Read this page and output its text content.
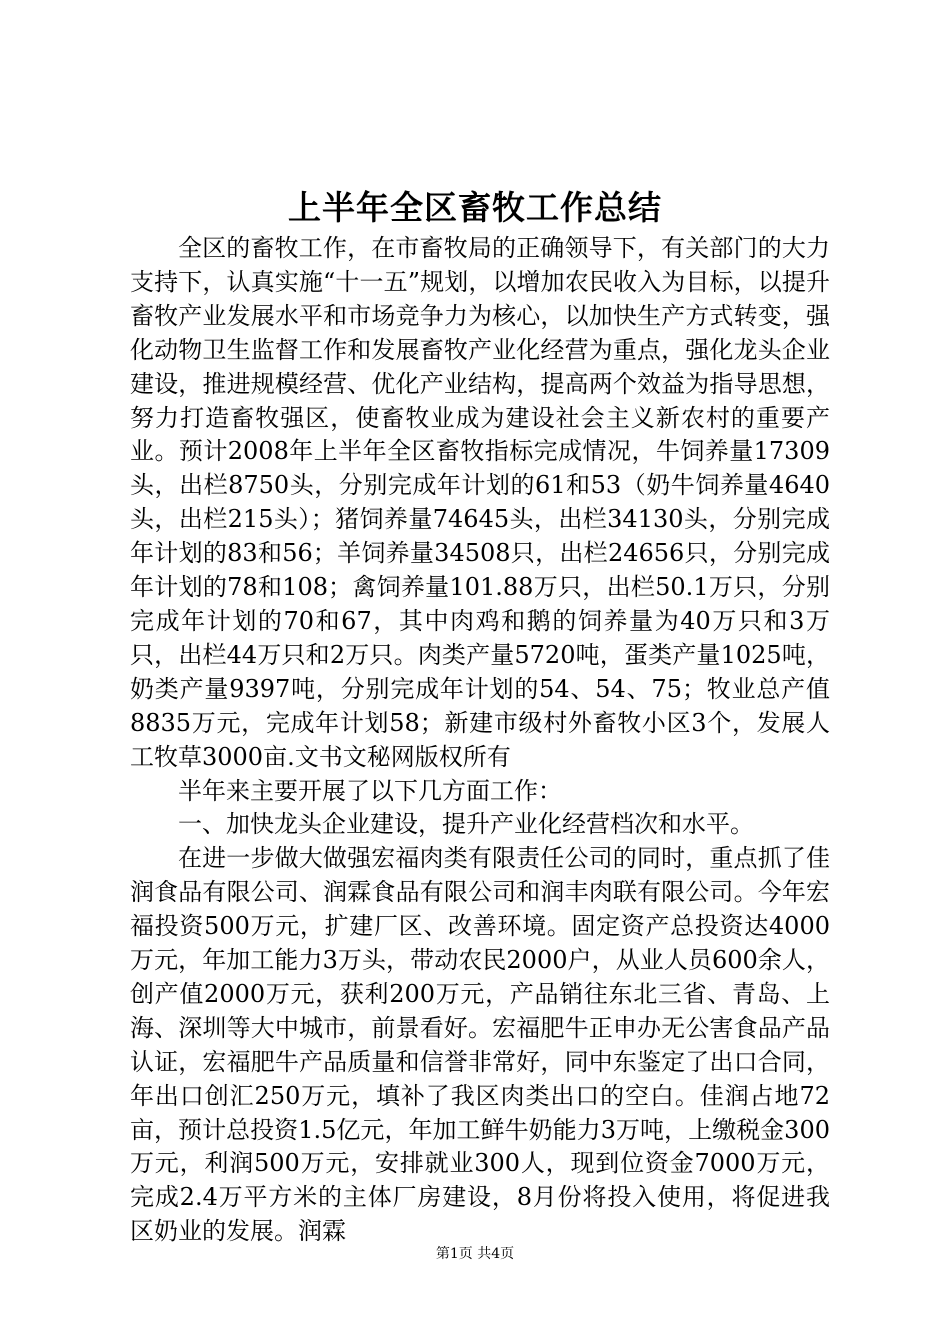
上半年全区畜牧工作总结

全区的畜牧工作，在市畜牧局的正确领导下，有关部门的大力支持下，认真实施“十一五”规划，以增加农民收入为目标，以提升畜牧产业发展水平和市场竞争力为核心，以加快生产方式转变，强化动物卫生监督工作和发展畜牧产业化经营为重点，强化龙头企业建设，推进规模经营、优化产业结构，提高两个效益为指导思想，努力打造畜牧强区，使畜牧业成为建设社会主义新农村的重要产业。预计2008年上半年全区畜牧指标完成情况，牛饲养量17309头，出栏8750头，分别完成年计划的61和53（奶牛饲养量4640头，出栏215头）；猪饲养量74645头，出栏34130头，分别完成年计划的83和56；羊饲养量34508只，出栏24656只，分别完成年计划的78和108；禽饲养量101.88万只，出栏50.1万只，分别完成年计划的70和67，其中肉鸡和鹅的饲养量为40万只和3万只，出栏44万只和2万只。肉类产量5720吨，蛋类产量1025吨，奶类产量9397吨，分别完成年计划的54、54、75；牧业总产值8835万元，完成年计划58；新建市级村外畜牧小区3个，发展人工牧草3000亩.文书文秘网版权所有

半年来主要开展了以下几方面工作：

一、加快龙头企业建设，提升产业化经营档次和水平。

在进一步做大做强宏福肉类有限责任公司的同时，重点抓了佳润食品有限公司、润霖食品有限公司和润丰肉联有限公司。今年宏福投资500万元，扩建厂区、改善环境。固定资产总投资达4000万元，年加工能力3万头，带动农民2000户，从业人员600余人，创产值2000万元，获利200万元，产品销往东北三省、青岛、上海、深圳等大中城市，前景看好。宏福肥牛正申办无公害食品产品认证，宏福肥牛产品质量和信誉非常好，同中东鉴定了出口合同，年出口创汇250万元，填补了我区肉类出口的空白。佳润占地72亩，预计总投资1.5亿元，年加工鲜牛奶能力3万吨，上缴税金300万元，利润500万元，安排就业300人，现到位资金7000万元，完成2.4万平方米的主体厂房建设，8月份将投入使用，将促进我区奶业的发展。润霖

第1页 共4页
